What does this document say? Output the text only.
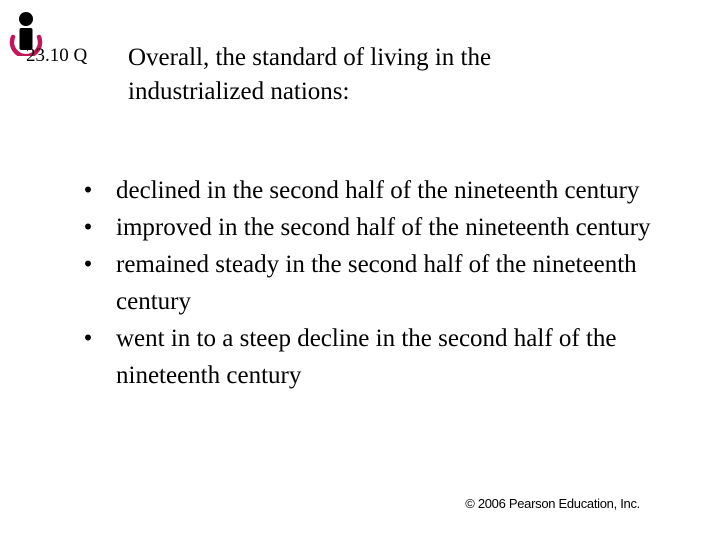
23.10 Q Overall, the standard of living in the industrialized nations:
• declined in the second half of the nineteenth century
• improved in the second half of the nineteenth century
• remained steady in the second half of the nineteenth century
• went in to a steep decline in the second half of the nineteenth century
© 2006 Pearson Education, Inc.
